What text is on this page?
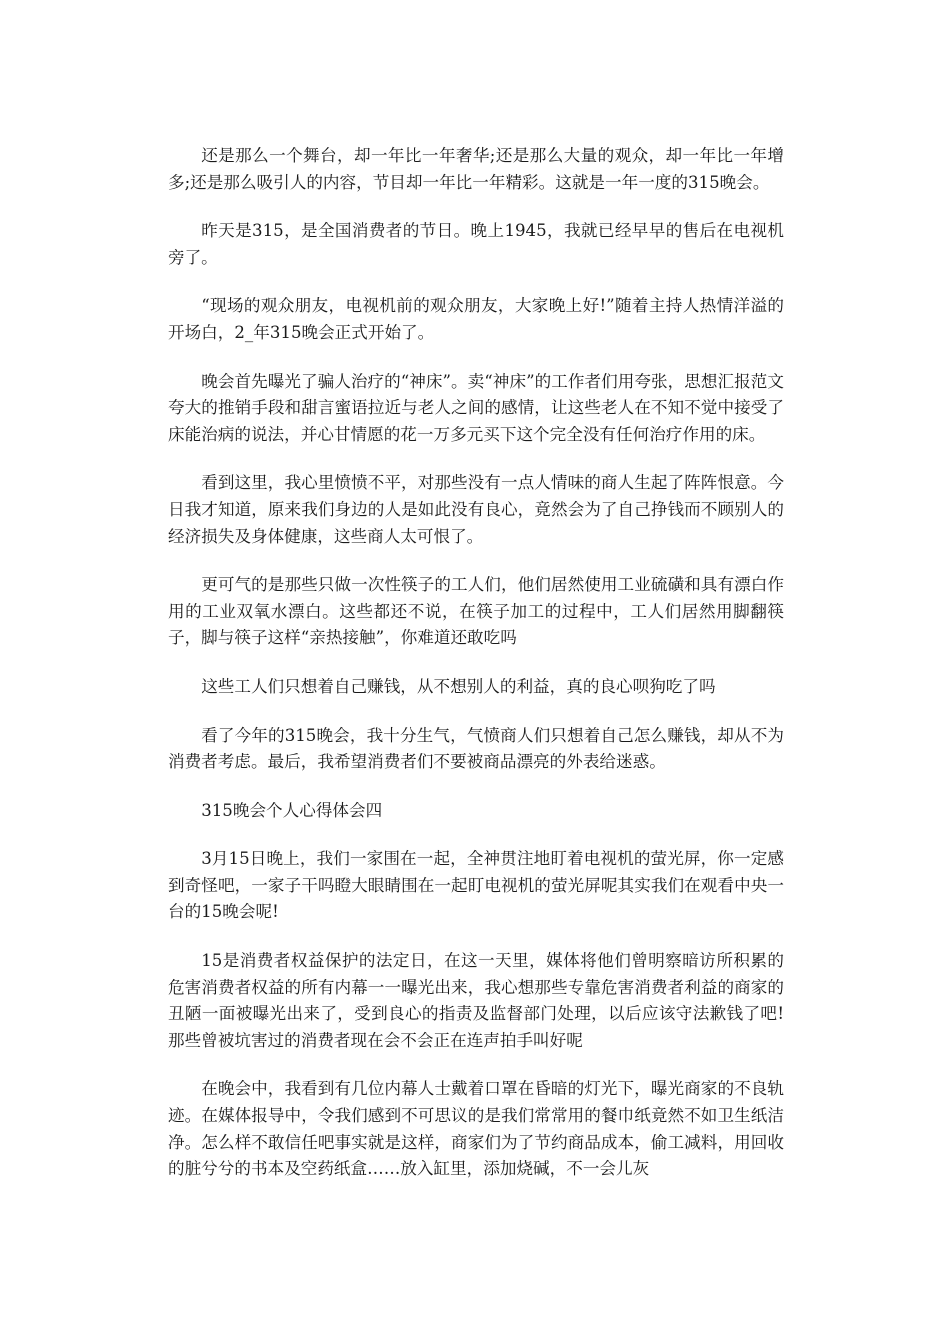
还是那么一个舞台，却一年比一年奢华;还是那么大量的观众，却一年比一年增多;还是那么吸引人的内容，节目却一年比一年精彩。这就是一年一度的315晚会。

昨天是315，是全国消费者的节日。晚上1945，我就已经早早的售后在电视机旁了。

“现场的观众朋友，电视机前的观众朋友，大家晚上好!”随着主持人热情洋溢的开场白，2_年315晚会正式开始了。

晚会首先曝光了骗人治疗的“神床”。卖“神床”的工作者们用夸张，思想汇报范文夸大的推销手段和甜言蜜语拉近与老人之间的感情，让这些老人在不知不觉中接受了床能治病的说法，并心甘情愿的花一万多元买下这个完全没有任何治疗作用的床。

看到这里，我心里愤愤不平，对那些没有一点人情味的商人生起了阵阵恨意。今日我才知道，原来我们身边的人是如此没有良心，竟然会为了自己挣钱而不顾别人的经济损失及身体健康，这些商人太可恨了。

更可气的是那些只做一次性筷子的工人们，他们居然使用工业硫磺和具有漂白作用的工业双氧水漂白。这些都还不说，在筷子加工的过程中，工人们居然用脚翻筷子，脚与筷子这样“亲热接触”，你难道还敢吃吗

这些工人们只想着自己赚钱，从不想别人的利益，真的良心呗狗吃了吗

看了今年的315晚会，我十分生气，气愤商人们只想着自己怎么赚钱，却从不为消费者考虑。最后，我希望消费者们不要被商品漂亮的外表给迷惑。

315晚会个人心得体会四

3月15日晚上，我们一家围在一起，全神贯注地盯着电视机的萤光屏，你一定感到奇怪吧，一家子干吗瞪大眼睛围在一起盯电视机的萤光屏呢其实我们在观看中央一台的15晚会呢!

15是消费者权益保护的法定日，在这一天里，媒体将他们曾明察暗访所积累的危害消费者权益的所有内幕一一曝光出来，我心想那些专靠危害消费者利益的商家的丑陋一面被曝光出来了，受到良心的指责及监督部门处理，以后应该守法歉钱了吧!那些曾被坑害过的消费者现在会不会正在连声拍手叫好呢

在晚会中，我看到有几位内幕人士戴着口罩在昏暗的灯光下，曝光商家的不良轨迹。在媒体报导中，令我们感到不可思议的是我们常常用的餐巾纸竟然不如卫生纸洁净。怎么样不敢信任吧事实就是这样，商家们为了节约商品成本，偷工减料，用回收的脏兮兮的书本及空药纸盒……放入缸里，添加烧碱，不一会儿灰
